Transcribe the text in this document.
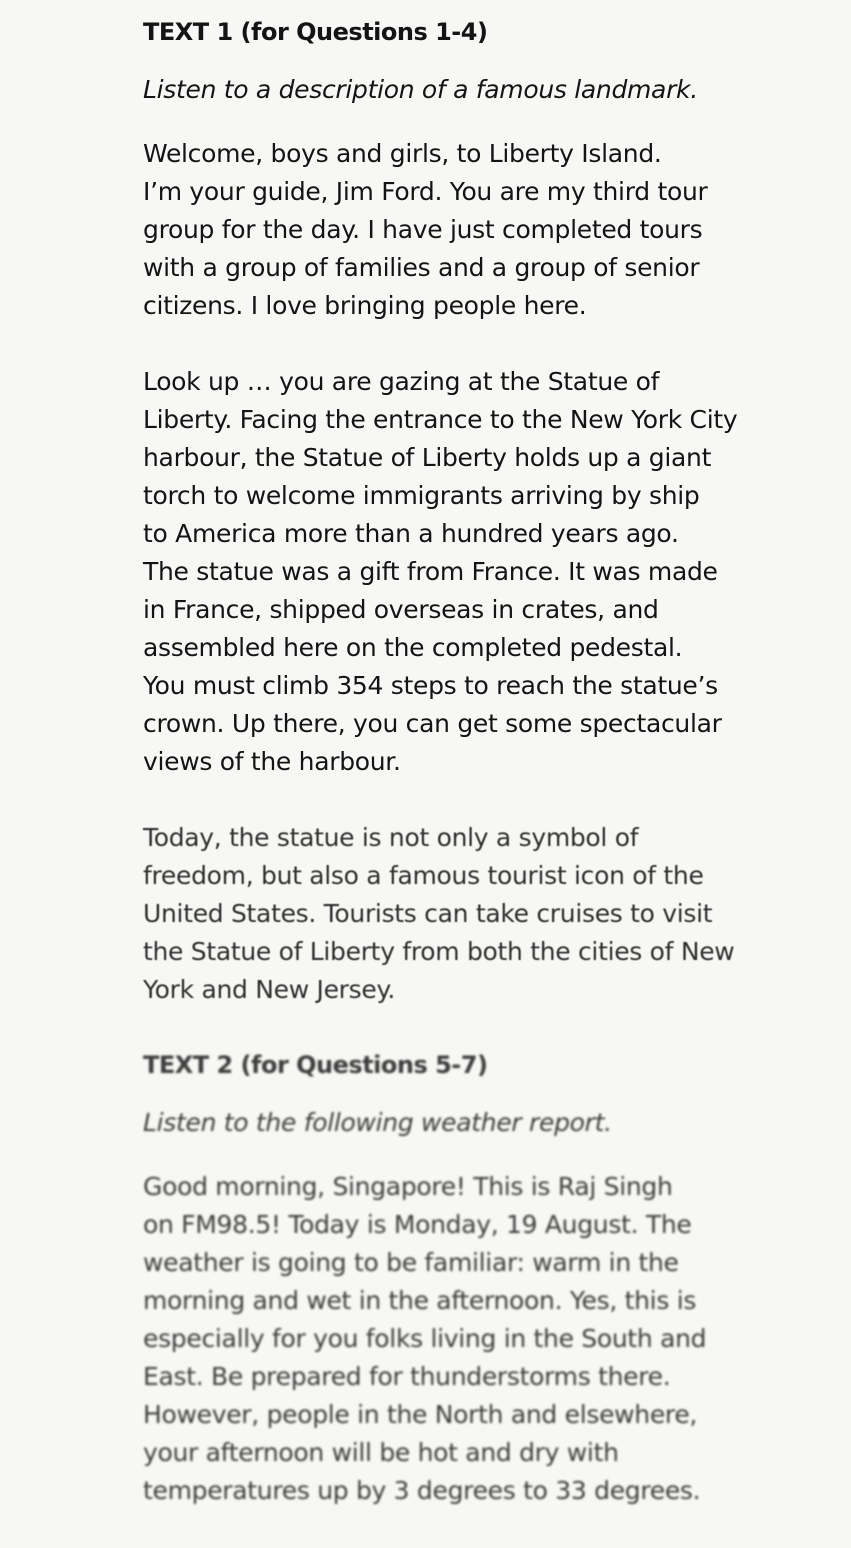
TEXT 1 (for Questions 1-4)

Listen to a description of a famous landmark.

Welcome, boys and girls, to Liberty Island.
I’m your guide, Jim Ford. You are my third tour
group for the day. I have just completed tours
with a group of families and a group of senior
citizens. I love bringing people here.

Look up … you are gazing at the Statue of
Liberty. Facing the entrance to the New York City
harbour, the Statue of Liberty holds up a giant
torch to welcome immigrants arriving by ship
to America more than a hundred years ago.
The statue was a gift from France. It was made
in France, shipped overseas in crates, and
assembled here on the completed pedestal.
You must climb 354 steps to reach the statue’s
crown. Up there, you can get some spectacular
views of the harbour.

Today, the statue is not only a symbol of
freedom, but also a famous tourist icon of the
United States. Tourists can take cruises to visit
the Statue of Liberty from both the cities of New
York and New Jersey.

TEXT 2 (for Questions 5-7)

Listen to the following weather report.

Good morning, Singapore! This is Raj Singh
on FM98.5! Today is Monday, 19 August. The
weather is going to be familiar: warm in the
morning and wet in the afternoon. Yes, this is
especially for you folks living in the South and
East. Be prepared for thunderstorms there.
However, people in the North and elsewhere,
your afternoon will be hot and dry with
temperatures up by 3 degrees to 33 degrees.
